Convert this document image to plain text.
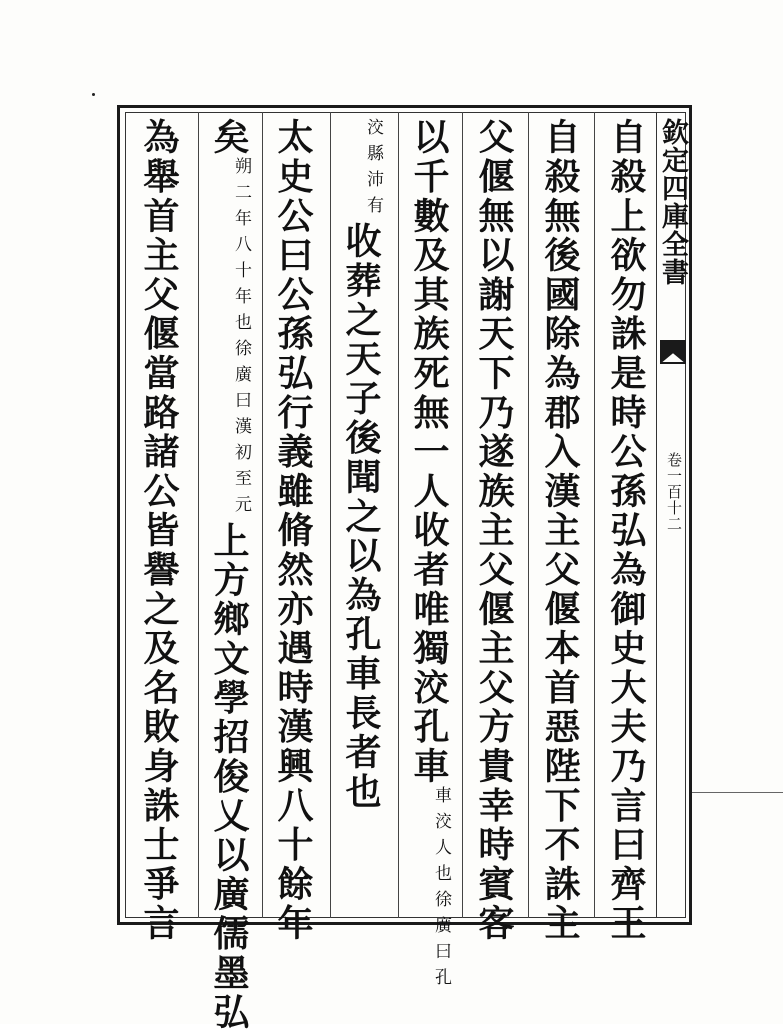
欽定四庫全書
卷一百十二
自殺上欲勿誅是時公孫弘為御史大夫乃言曰齊王
自殺無後國除為郡入漢主父偃本首惡陛下不誅主
父偃無以謝天下乃遂族主父偃主父方貴幸時賓客
以千數及其族死無一人收者唯獨洨孔車
徐廣曰孔
車洨人也
沛有
洨縣
收葬之天子後聞之以為孔車長者也
太史公曰公孫弘行義雖脩然亦遇時漢興八十餘年
矣
徐廣曰漢初至元
朔二年八十年也
上方鄉文學招俊乂以廣儒墨弘
為舉首主父偃當路諸公皆譽之及名敗身誅士爭言
